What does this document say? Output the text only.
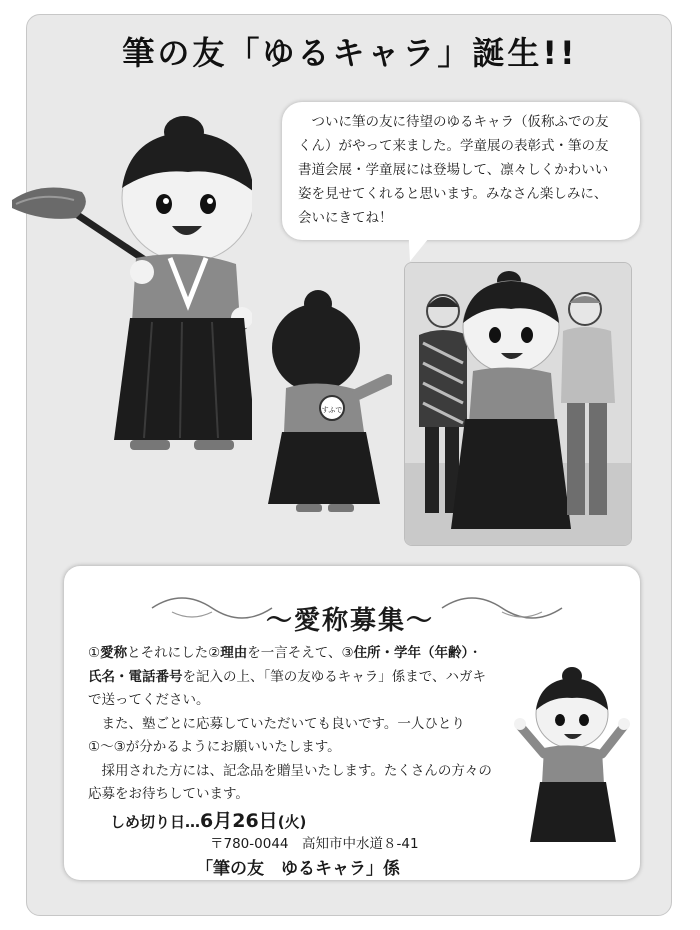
筆の友「ゆるキャラ」誕生!!
　ついに筆の友に待望のゆるキャラ（仮称ふでの友
くん）がやって来ました。学童展の表彰式・筆の友
書道会展・学童展には登場して、凛々しくかわいい
姿を見せてくれると思います。みなさん楽しみに、
会いにきてね！
すふで
〜愛称募集〜
①愛称とそれにした②理由を一言そえて、③住所・学年（年齢）・
氏名・電話番号を記入の上、「筆の友ゆるキャラ」係まで、ハガキ
で送ってください。
　また、塾ごとに応募していただいても良いです。一人ひとり
①〜③が分かるようにお願いいたします。
　採用された方には、記念品を贈呈いたします。たくさんの方々の
応募をお待ちしています。
しめ切り日…6月26日(火)
〒780-0044　高知市中水道８-41
「筆の友　ゆるキャラ」係
